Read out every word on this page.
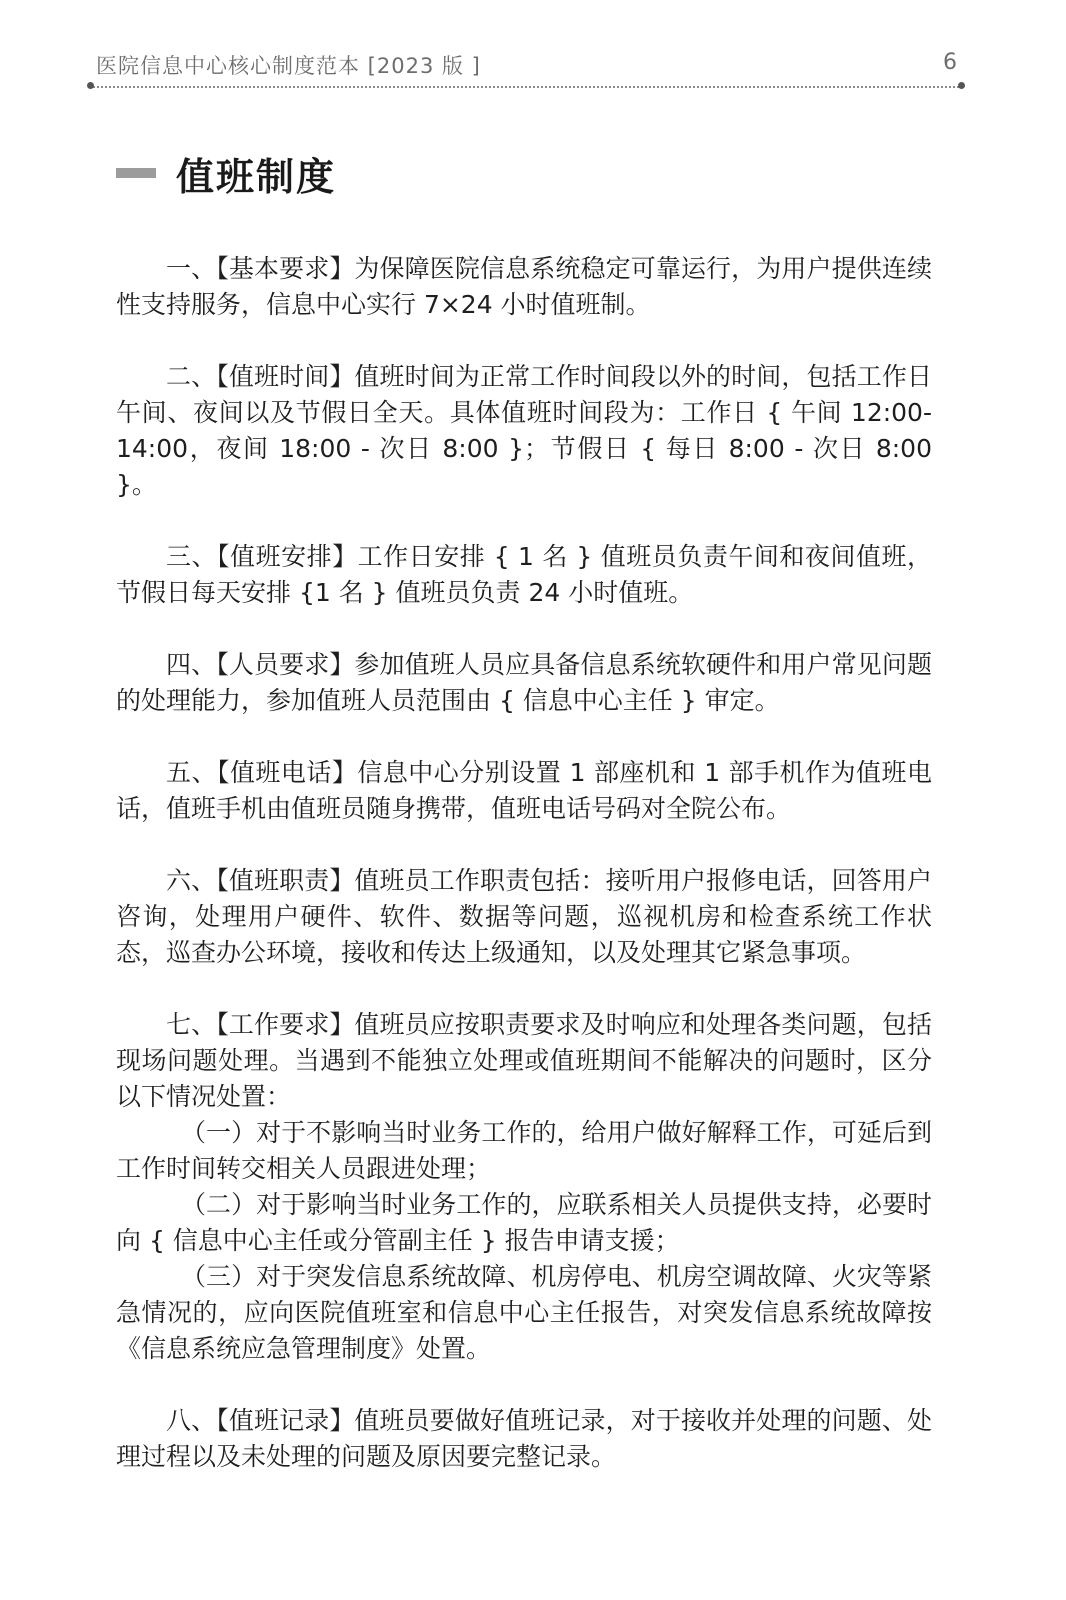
医院信息中心核心制度范本 [2023 版 ]	6
值班制度

一、【基本要求】为保障医院信息系统稳定可靠运行，为用户提供连续性支持服务，信息中心实行 7×24 小时值班制。

二、【值班时间】值班时间为正常工作时间段以外的时间，包括工作日午间、夜间以及节假日全天。具体值班时间段为：工作日 { 午间 12:00-14:00，夜间 18:00 - 次日 8:00 }；节假日 { 每日 8:00 - 次日 8:00 }。

三、【值班安排】工作日安排 { 1 名 } 值班员负责午间和夜间值班，节假日每天安排 {1 名 } 值班员负责 24 小时值班。

四、【人员要求】参加值班人员应具备信息系统软硬件和用户常见问题的处理能力，参加值班人员范围由 { 信息中心主任 } 审定。

五、【值班电话】信息中心分别设置 1 部座机和 1 部手机作为值班电话，值班手机由值班员随身携带，值班电话号码对全院公布。

六、【值班职责】值班员工作职责包括：接听用户报修电话，回答用户咨询，处理用户硬件、软件、数据等问题，巡视机房和检查系统工作状态，巡查办公环境，接收和传达上级通知，以及处理其它紧急事项。

七、【工作要求】值班员应按职责要求及时响应和处理各类问题，包括现场问题处理。当遇到不能独立处理或值班期间不能解决的问题时，区分以下情况处置：

（一）对于不影响当时业务工作的，给用户做好解释工作，可延后到工作时间转交相关人员跟进处理；

（二）对于影响当时业务工作的，应联系相关人员提供支持，必要时向 { 信息中心主任或分管副主任 } 报告申请支援；

（三）对于突发信息系统故障、机房停电、机房空调故障、火灾等紧急情况的，应向医院值班室和信息中心主任报告，对突发信息系统故障按《信息系统应急管理制度》处置。

八、【值班记录】值班员要做好值班记录，对于接收并处理的问题、处理过程以及未处理的问题及原因要完整记录。
